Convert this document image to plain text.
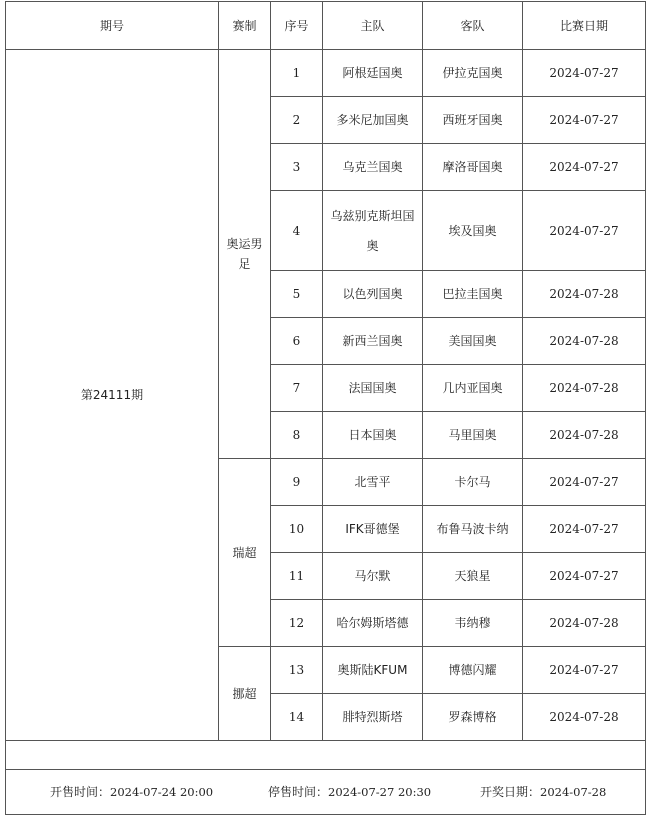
期号	赛制	序号	主队	客队	比赛日期
第24111期	奥运男足	1	阿根廷国奥	伊拉克国奥	2024-07-27
		2	多米尼加国奥	西班牙国奥	2024-07-27
		3	乌克兰国奥	摩洛哥国奥	2024-07-27
		4	乌兹别克斯坦国奥	埃及国奥	2024-07-27
		5	以色列国奥	巴拉圭国奥	2024-07-28
		6	新西兰国奥	美国国奥	2024-07-28
		7	法国国奥	几内亚国奥	2024-07-28
		8	日本国奥	马里国奥	2024-07-28
	瑞超	9	北雪平	卡尔马	2024-07-27
		10	IFK哥德堡	布鲁马波卡纳	2024-07-27
		11	马尔默	天狼星	2024-07-27
		12	哈尔姆斯塔德	韦纳穆	2024-07-28
	挪超	13	奥斯陆KFUM	博德闪耀	2024-07-27
		14	腓特烈斯塔	罗森博格	2024-07-28

开售时间：2024-07-24 20:00 停售时间：2024-07-27 20:30 开奖日期：2024-07-28					
